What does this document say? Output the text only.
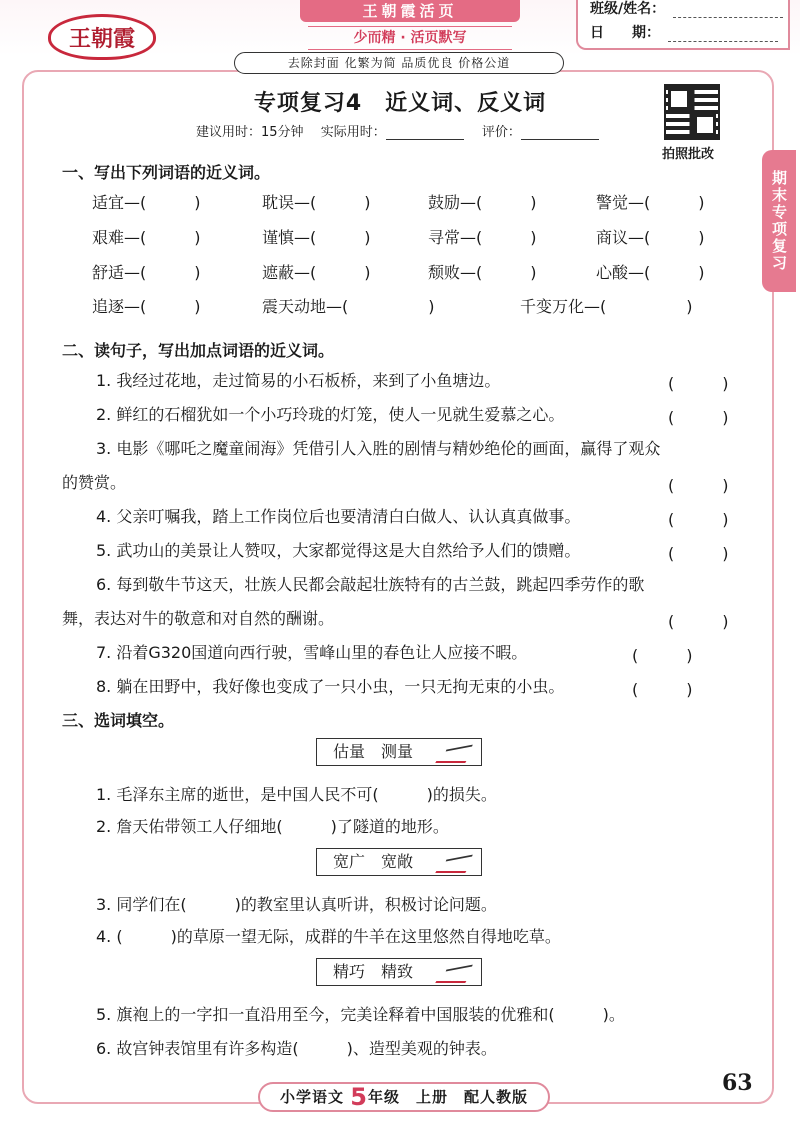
王朝霞
王朝霞活页
少而精 · 活页默写
班级/姓名：
日　　期：
去除封面 化繁为简 品质优良 价格公道
专项复习4　近义词、反义词
建议用时：15分钟　 实际用时：	评价：
拍照批改
期末专项复习
一、写出下列词语的近义词。
适宜—(　　　)	耽误—(　　　)	鼓励—(　　　)	警觉—(　　　)
艰难—(　　　)	谨慎—(　　　)	寻常—(　　　)	商议—(　　　)
舒适—(　　　)	遮蔽—(　　　)	颓败—(　　　)	心酸—(　　　)
追逐—(　　　)	震天动地—(　　　　　)	千变万化—(　　　　　)
二、读句子，写出加点词语的近义词。
1. 我经过花地，走过简易的小石板桥，来到了小鱼塘边。	(　　　)
2. 鲜红的石榴犹如一个小巧玲珑的灯笼，使人一见就生爱慕之心。	(　　　)
3. 电影《哪吒之魔童闹海》凭借引人入胜的剧情与精妙绝伦的画面，赢得了观众
的赞赏。	(　　　)
4. 父亲叮嘱我，踏上工作岗位后也要清清白白做人、认认真真做事。	(　　　)
5. 武功山的美景让人赞叹，大家都觉得这是大自然给予人们的馈赠。	(　　　)
6. 每到敬牛节这天，壮族人民都会敲起壮族特有的古兰鼓，跳起四季劳作的歌
舞，表达对牛的敬意和对自然的酬谢。	(　　　)
7. 沿着G320国道向西行驶，雪峰山里的春色让人应接不暇。	(　　　)
8. 躺在田野中，我好像也变成了一只小虫，一只无拘无束的小虫。	(　　　)
三、选词填空。
估量　测量
1. 毛泽东主席的逝世，是中国人民不可(　　　)的损失。
2. 詹天佑带领工人仔细地(　　　)了隧道的地形。
宽广　宽敞
3. 同学们在(　　　)的教室里认真听讲，积极讨论问题。
4. (　　　)的草原一望无际，成群的牛羊在这里悠然自得地吃草。
精巧　精致
5. 旗袍上的一字扣一直沿用至今，完美诠释着中国服装的优雅和(　　　)。
6. 故宫钟表馆里有许多构造(　　　)、造型美观的钟表。
小学语文 5年级　上册　配人教版
63
